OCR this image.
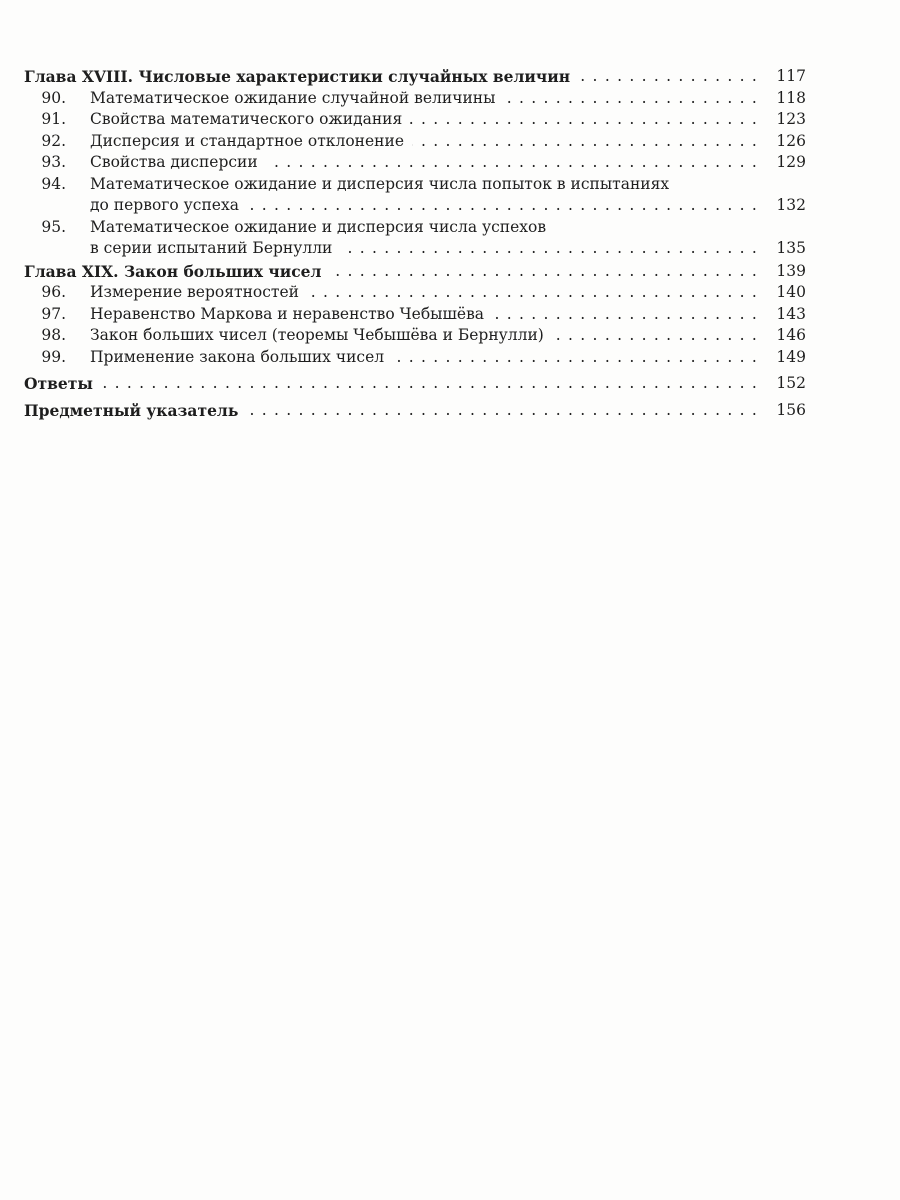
Глава XVIII. Числовые характеристики случайных величин . . .	117
90.	Математическое ожидание случайной величины . . .	118
91.	Свойства математического ожидания . . .	123
92.	Дисперсия и стандартное отклонение . . .	126
93.	Свойства дисперсии . . .	129
94.	Математическое ожидание и дисперсия числа попыток в испытаниях
до первого успеха . . .	132
95.	Математическое ожидание и дисперсия числа успехов
в серии испытаний Бернулли . . .	135
Глава XIX. Закон больших чисел . . .	139
96.	Измерение вероятностей . . .	140
97.	Неравенство Маркова и неравенство Чебышёва . . .	143
98.	Закон больших чисел (теоремы Чебышёва и Бернулли) . . .	146
99.	Применение закона больших чисел . . .	149
Ответы . . .	152
Предметный указатель . . .	156
